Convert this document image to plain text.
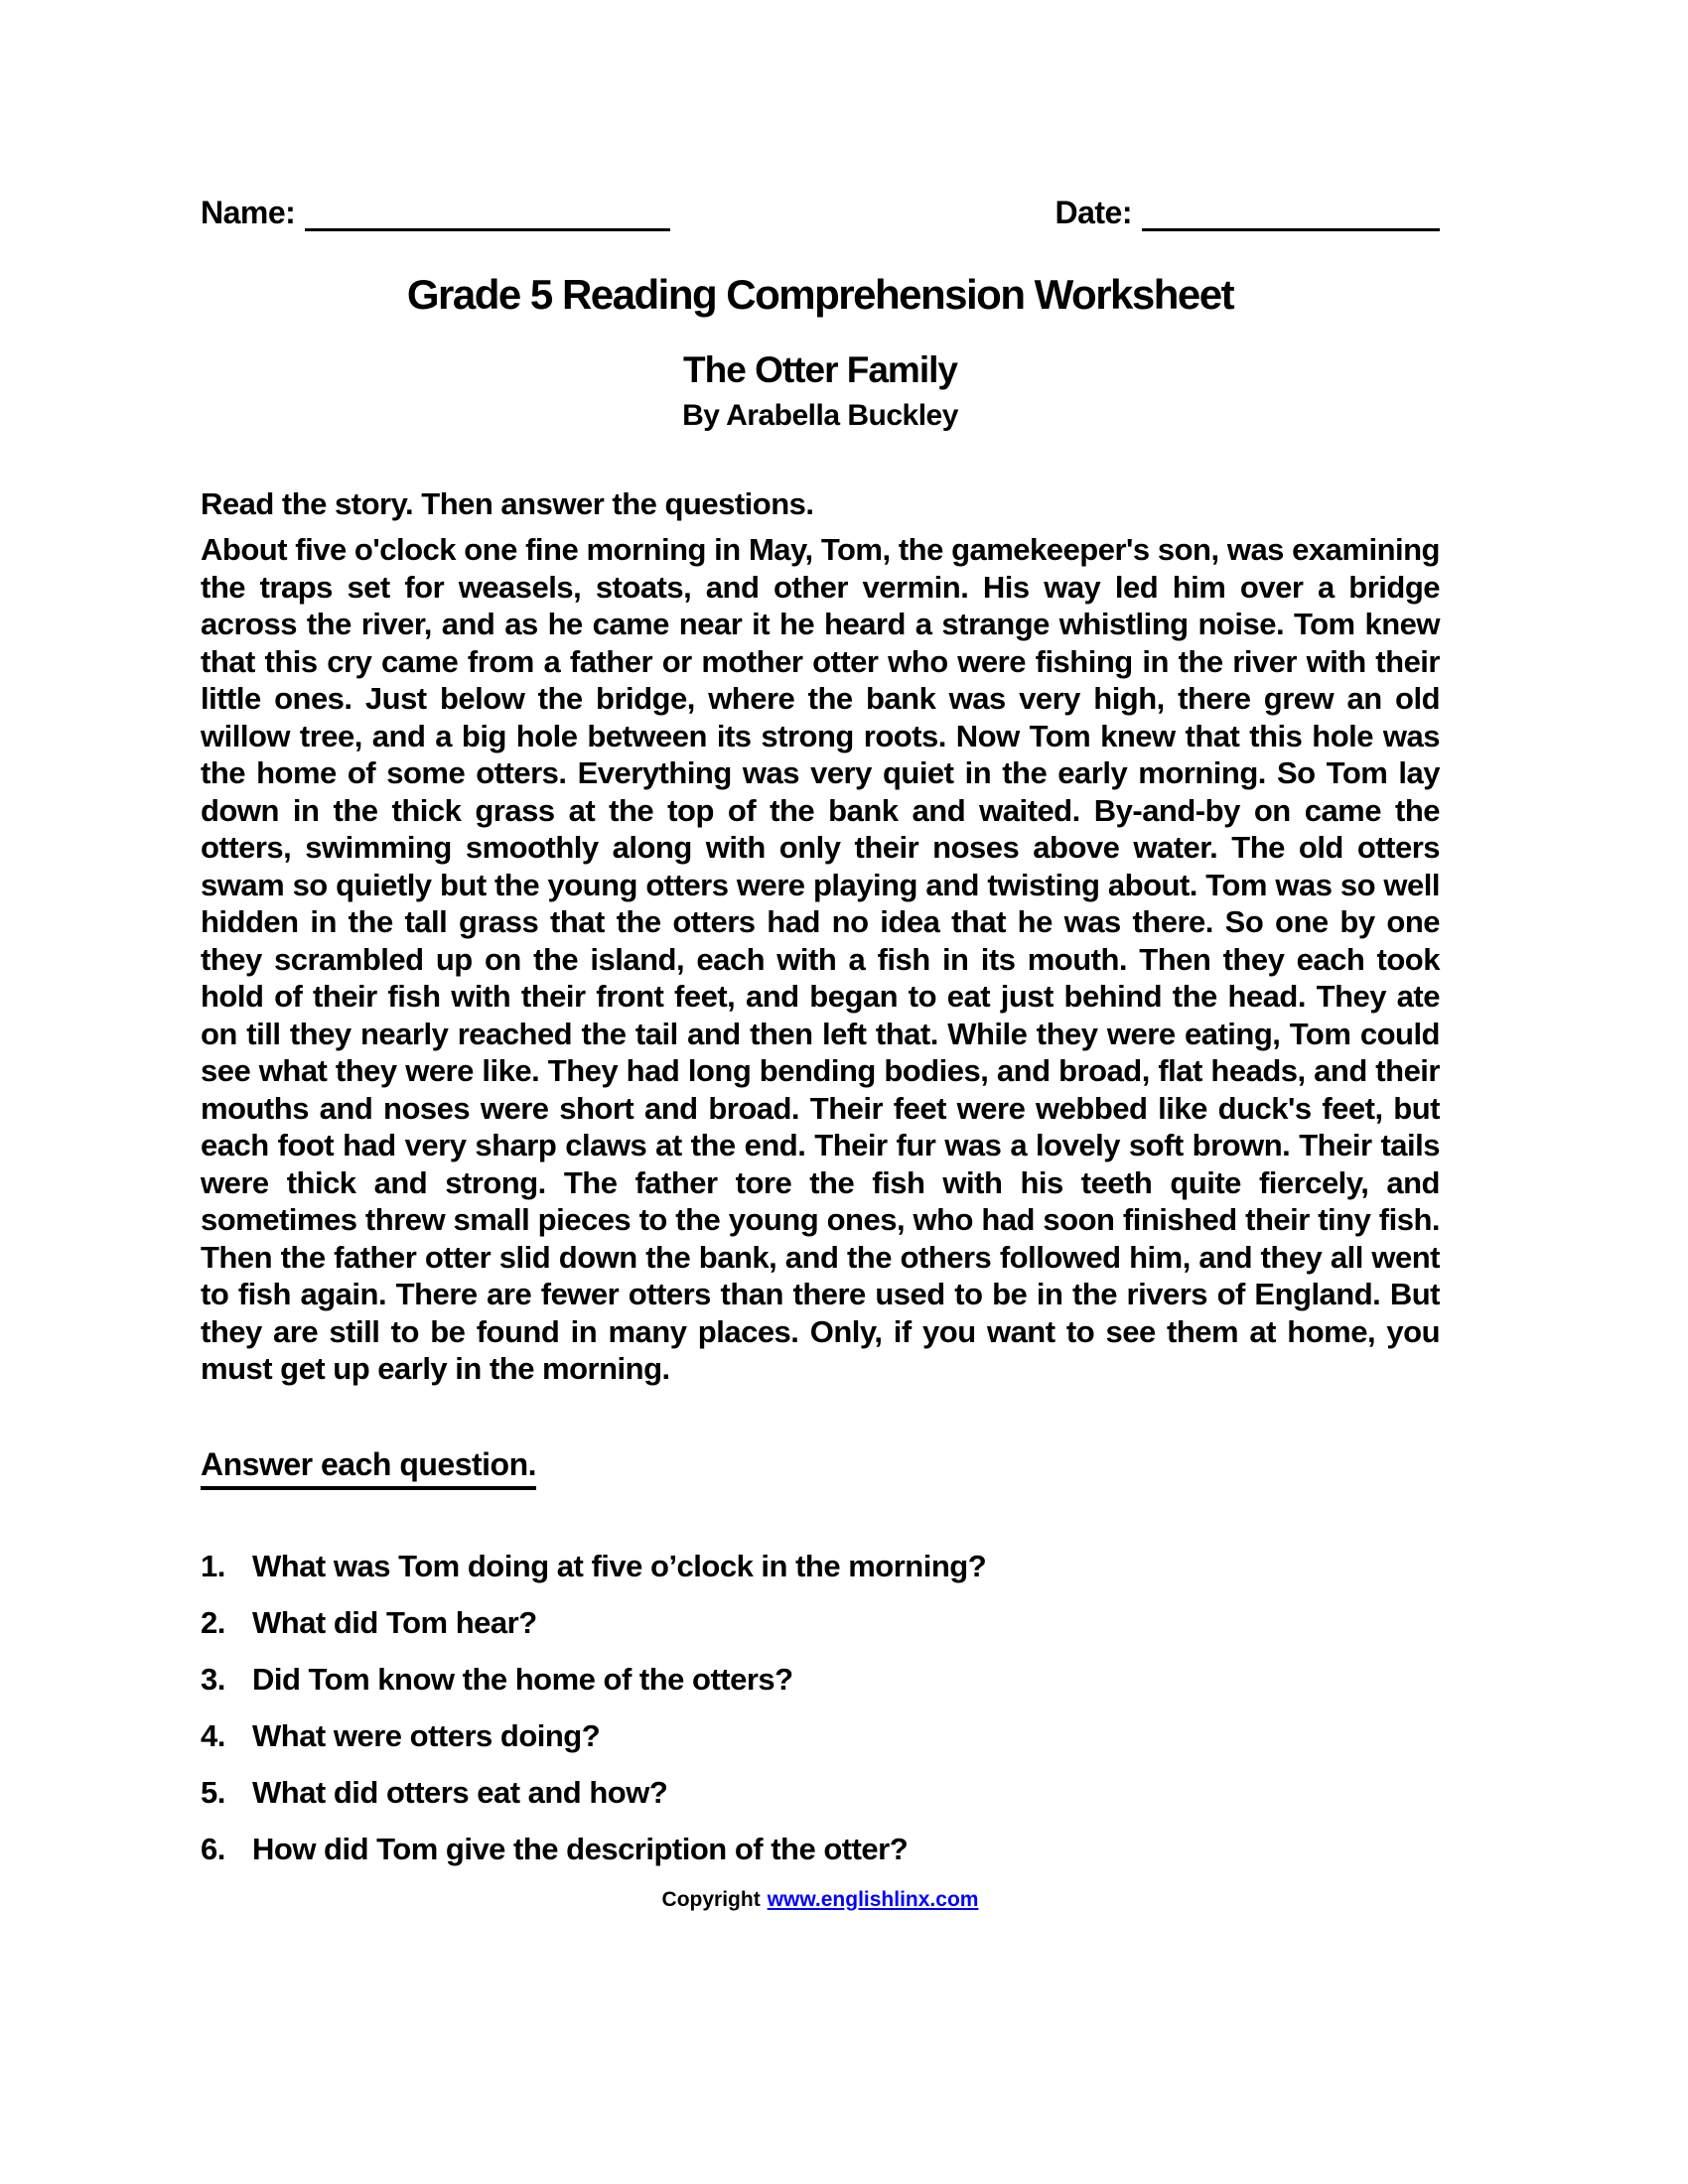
Name:	Date:
Grade 5 Reading Comprehension Worksheet
The Otter Family
By Arabella Buckley

Read the story. Then answer the questions.

About five o'clock one fine morning in May, Tom, the gamekeeper's son, was examining the traps set for weasels, stoats, and other vermin. His way led him over a bridge across the river, and as he came near it he heard a strange whistling noise. Tom knew that this cry came from a father or mother otter who were fishing in the river with their little ones. Just below the bridge, where the bank was very high, there grew an old willow tree, and a big hole between its strong roots. Now Tom knew that this hole was the home of some otters. Everything was very quiet in the early morning. So Tom lay down in the thick grass at the top of the bank and waited. By-and-by on came the otters, swimming smoothly along with only their noses above water. The old otters swam so quietly but the young otters were playing and twisting about. Tom was so well hidden in the tall grass that the otters had no idea that he was there. So one by one they scrambled up on the island, each with a fish in its mouth. Then they each took hold of their fish with their front feet, and began to eat just behind the head. They ate on till they nearly reached the tail and then left that. While they were eating, Tom could see what they were like. They had long bending bodies, and broad, flat heads, and their mouths and noses were short and broad. Their feet were webbed like duck's feet, but each foot had very sharp claws at the end. Their fur was a lovely soft brown. Their tails were thick and strong. The father tore the fish with his teeth quite fiercely, and sometimes threw small pieces to the young ones, who had soon finished their tiny fish. Then the father otter slid down the bank, and the others followed him, and they all went to fish again. There are fewer otters than there used to be in the rivers of England. But they are still to be found in many places. Only, if you want to see them at home, you must get up early in the morning.

Answer each question.
1. What was Tom doing at five o’clock in the morning?
2. What did Tom hear?
3. Did Tom know the home of the otters?
4. What were otters doing?
5. What did otters eat and how?
6. How did Tom give the description of the otter?
Copyright www.englishlinx.com
